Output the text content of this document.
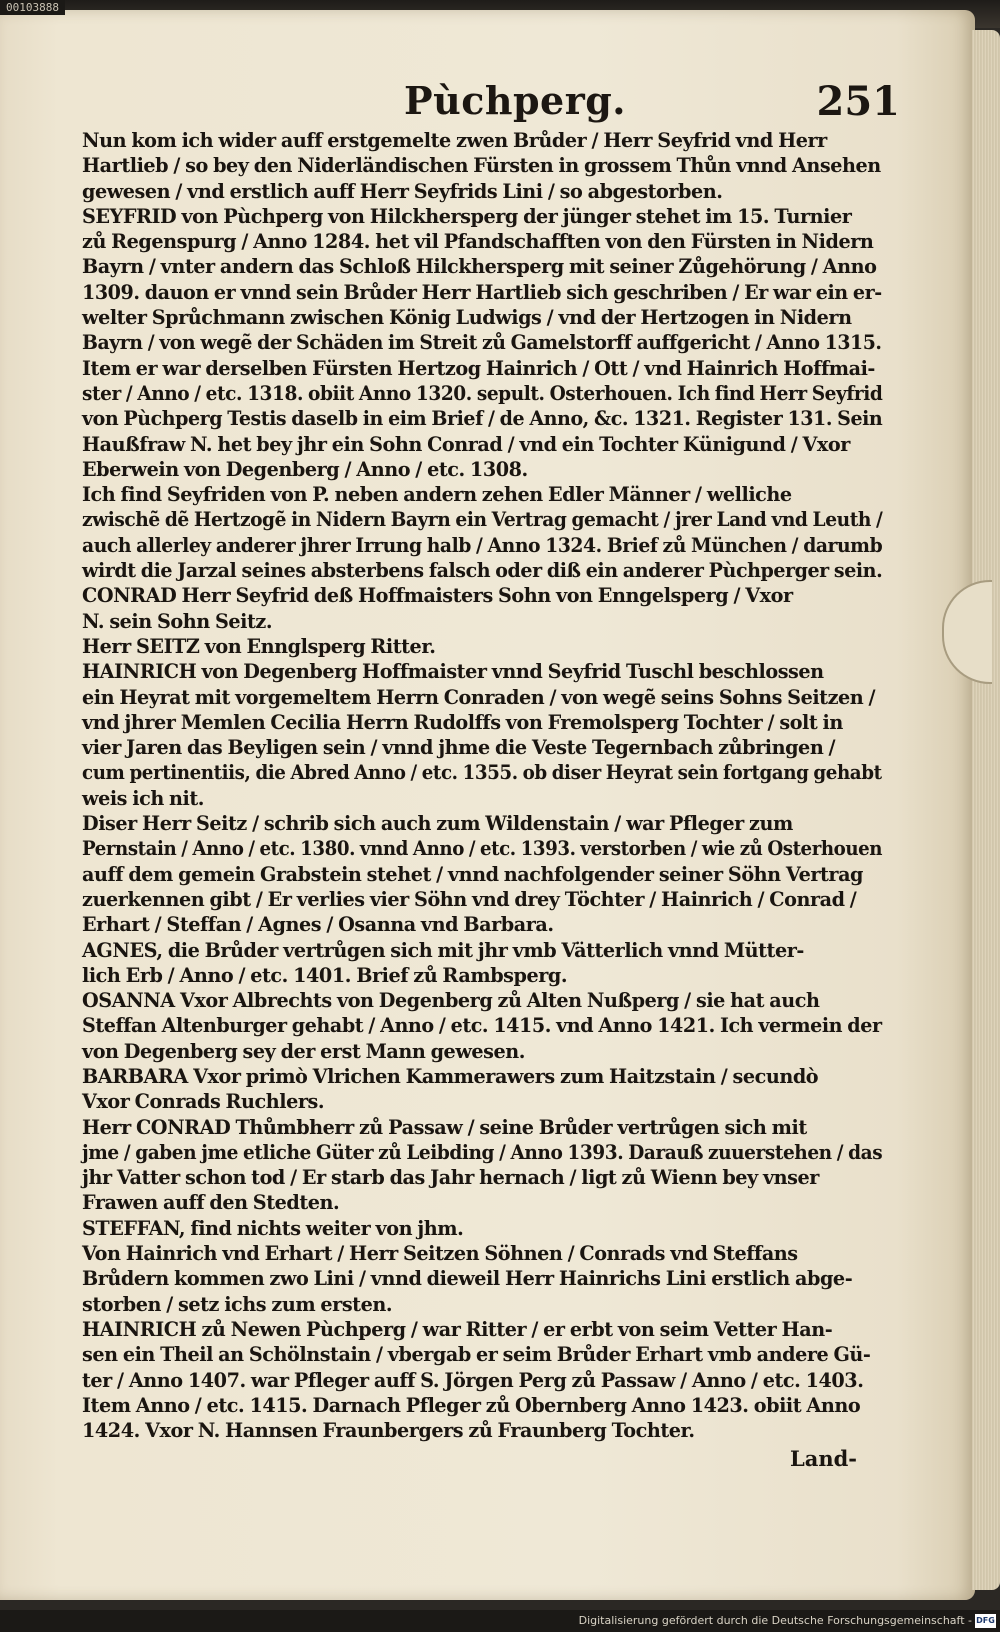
Pùchperg.	251
Nun kom ich wider auff erstgemelte zwen Brůder / Herr Seyfrid vnd Herr
Hartlieb / so bey den Niderländischen Fürsten in grossem Thůn vnnd Ansehen
gewesen / vnd erstlich auff Herr Seyfrids Lini / so abgestorben.
SEYFRID von Pùchperg von Hilckhersperg der jünger stehet im 15. Turnier
zů Regenspurg / Anno 1284. het vil Pfandschafften von den Fürsten in Nidern
Bayrn / vnter andern das Schloß Hilckhersperg mit seiner Zůgehörung / Anno
1309. dauon er vnnd sein Brůder Herr Hartlieb sich geschriben / Er war ein er-
welter Sprůchmann zwischen König Ludwigs / vnd der Hertzogen in Nidern
Bayrn / von wegẽ der Schäden im Streit zů Gamelstorff auffgericht / Anno 1315.
Item er war derselben Fürsten Hertzog Hainrich / Ott / vnd Hainrich Hoffmai-
ster / Anno / etc. 1318. obiit Anno 1320. sepult. Osterhouen. Ich find Herr Seyfrid
von Pùchperg Testis daselb in eim Brief / de Anno, &c. 1321. Register 131. Sein
Haußfraw N. het bey jhr ein Sohn Conrad / vnd ein Tochter Künigund / Vxor
Eberwein von Degenberg / Anno / etc. 1308.
Ich find Seyfriden von P. neben andern zehen Edler Männer / welliche
zwischẽ dẽ Hertzogẽ in Nidern Bayrn ein Vertrag gemacht / jrer Land vnd Leuth /
auch allerley anderer jhrer Irrung halb / Anno 1324. Brief zů München / darumb
wirdt die Jarzal seines absterbens falsch oder diß ein anderer Pùchperger sein.
CONRAD Herr Seyfrid deß Hoffmaisters Sohn von Enngelsperg / Vxor
N. sein Sohn Seitz.
Herr SEITZ von Ennglsperg Ritter.
HAINRICH von Degenberg Hoffmaister vnnd Seyfrid Tuschl beschlossen
ein Heyrat mit vorgemeltem Herrn Conraden / von wegẽ seins Sohns Seitzen /
vnd jhrer Memlen Cecilia Herrn Rudolffs von Fremolsperg Tochter / solt in
vier Jaren das Beyligen sein / vnnd jhme die Veste Tegernbach zůbringen /
cum pertinentiis, die Abred Anno / etc. 1355. ob diser Heyrat sein fortgang gehabt
weis ich nit.
Diser Herr Seitz / schrib sich auch zum Wildenstain / war Pfleger zum
Pernstain / Anno / etc. 1380. vnnd Anno / etc. 1393. verstorben / wie zů Osterhouen
auff dem gemein Grabstein stehet / vnnd nachfolgender seiner Söhn Vertrag
zuerkennen gibt / Er verlies vier Söhn vnd drey Töchter / Hainrich / Conrad /
Erhart / Steffan / Agnes / Osanna vnd Barbara.
AGNES, die Brůder vertrůgen sich mit jhr vmb Vätterlich vnnd Mütter-
lich Erb / Anno / etc. 1401. Brief zů Rambsperg.
OSANNA Vxor Albrechts von Degenberg zů Alten Nußperg / sie hat auch
Steffan Altenburger gehabt / Anno / etc. 1415. vnd Anno 1421. Ich vermein der
von Degenberg sey der erst Mann gewesen.
BARBARA Vxor primò Vlrichen Kammerawers zum Haitzstain / secundò
Vxor Conrads Ruchlers.
Herr CONRAD Thůmbherr zů Passaw / seine Brůder vertrůgen sich mit
jme / gaben jme etliche Güter zů Leibding / Anno 1393. Darauß zuuerstehen / das
jhr Vatter schon tod / Er starb das Jahr hernach / ligt zů Wienn bey vnser
Frawen auff den Stedten.
STEFFAN, find nichts weiter von jhm.
Von Hainrich vnd Erhart / Herr Seitzen Söhnen / Conrads vnd Steffans
Brůdern kommen zwo Lini / vnnd dieweil Herr Hainrichs Lini erstlich abge-
storben / setz ichs zum ersten.
HAINRICH zů Newen Pùchperg / war Ritter / er erbt von seim Vetter Han-
sen ein Theil an Schölnstain / vbergab er seim Brůder Erhart vmb andere Gü-
ter / Anno 1407. war Pfleger auff S. Jörgen Perg zů Passaw / Anno / etc. 1403.
Item Anno / etc. 1415. Darnach Pfleger zů Obernberg Anno 1423. obiit Anno
1424. Vxor N. Hannsen Fraunbergers zů Fraunberg Tochter.
Land-
00103888
Digitalisierung gefördert durch die Deutsche Forschungsgemeinschaft - DFG
